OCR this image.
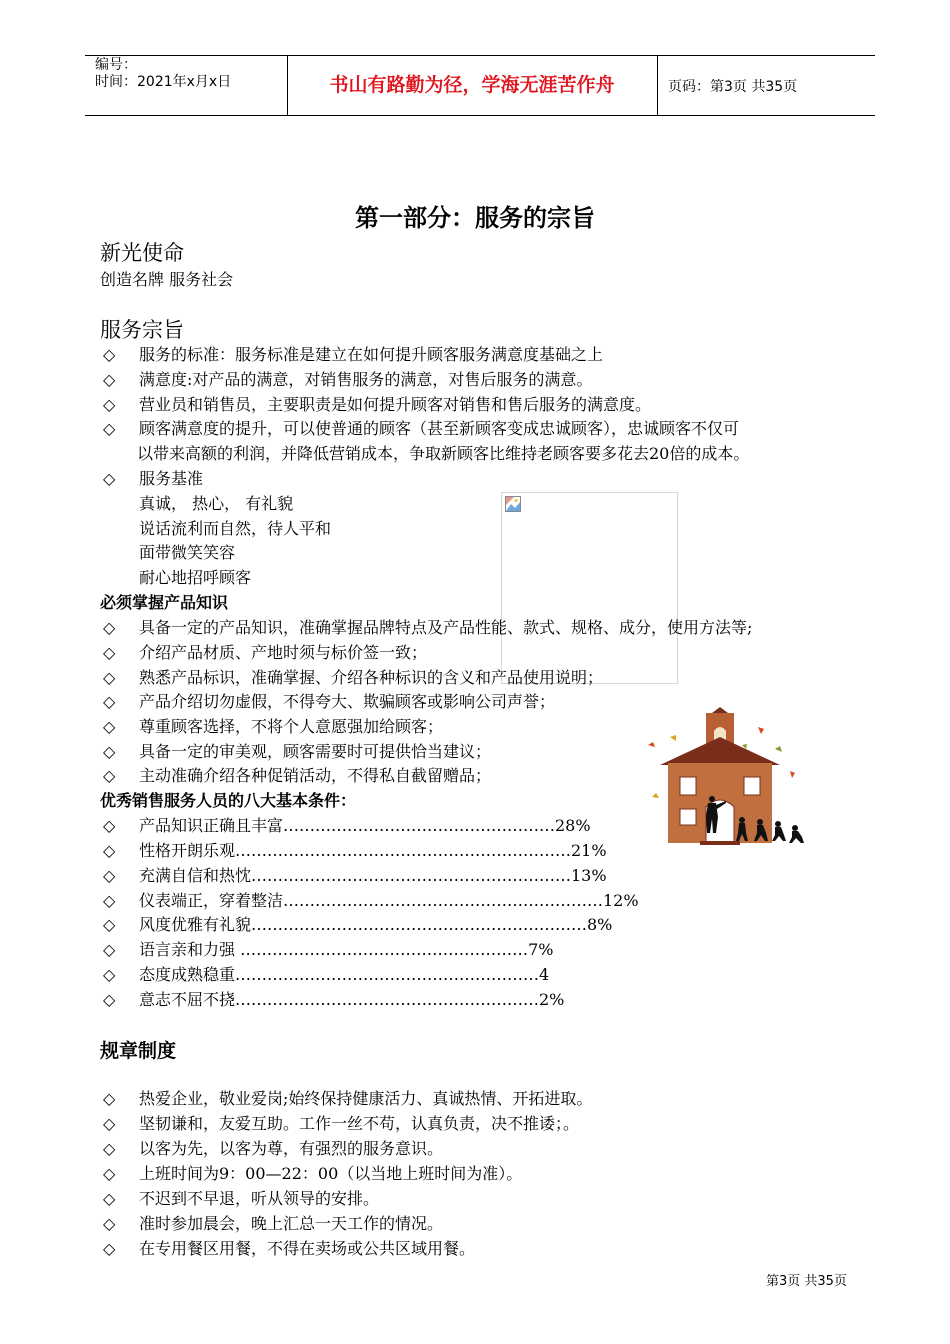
编号：
时间：2021年x月x日	书山有路勤为径，学海无涯苦作舟	页码：第3页 共35页
第一部分：服务的宗旨
新光使命
创造名牌 服务社会
服务宗旨
◇ 服务的标准：服务标准是建立在如何提升顾客服务满意度基础之上
◇ 满意度:对产品的满意，对销售服务的满意，对售后服务的满意。
◇ 营业员和销售员，主要职责是如何提升顾客对销售和售后服务的满意度。
◇ 顾客满意度的提升，可以使普通的顾客（甚至新顾客变成忠诚顾客），忠诚顾客不仅可
以带来高额的利润，并降低营销成本，争取新顾客比维持老顾客要多花去20倍的成本。
◇ 服务基准
真诚， 热心， 有礼貌
说话流利而自然，待人平和
面带微笑笑容
耐心地招呼顾客
必须掌握产品知识
◇ 具备一定的产品知识，准确掌握品牌特点及产品性能、款式、规格、成分，使用方法等;
◇ 介绍产品材质、产地时须与标价签一致；
◇ 熟悉产品标识，准确掌握、介绍各种标识的含义和产品使用说明；
◇ 产品介绍切勿虚假，不得夸大、欺骗顾客或影响公司声誉；
◇ 尊重顾客选择，不将个人意愿强加给顾客；
◇ 具备一定的审美观，顾客需要时可提供恰当建议；
◇ 主动准确介绍各种促销活动，不得私自截留赠品；
优秀销售服务人员的八大基本条件：
◇ 产品知识正确且丰富……………………………………………28%
◇ 性格开朗乐观………………………………………………………21%
◇ 充满自信和热忱……………………………………………………13%
◇ 仪表端正，穿着整洁……………………………………………………12%
◇ 风度优雅有礼貌………………………………………………………8%
◇ 语言亲和力强 ………………………………………………7%
◇ 态度成熟稳重…………………………………………………4
◇ 意志不屈不挠…………………………………………………2%
规章制度
◇ 热爱企业，敬业爱岗;始终保持健康活力、真诚热情、开拓进取。
◇ 坚韧谦和，友爱互助。工作一丝不苟，认真负责，决不推诿；。
◇ 以客为先，以客为尊，有强烈的服务意识。
◇ 上班时间为9：00—22：00（以当地上班时间为准）。
◇ 不迟到不早退，听从领导的安排。
◇ 准时参加晨会，晚上汇总一天工作的情况。
◇ 在专用餐区用餐，不得在卖场或公共区域用餐。
第3页 共35页
